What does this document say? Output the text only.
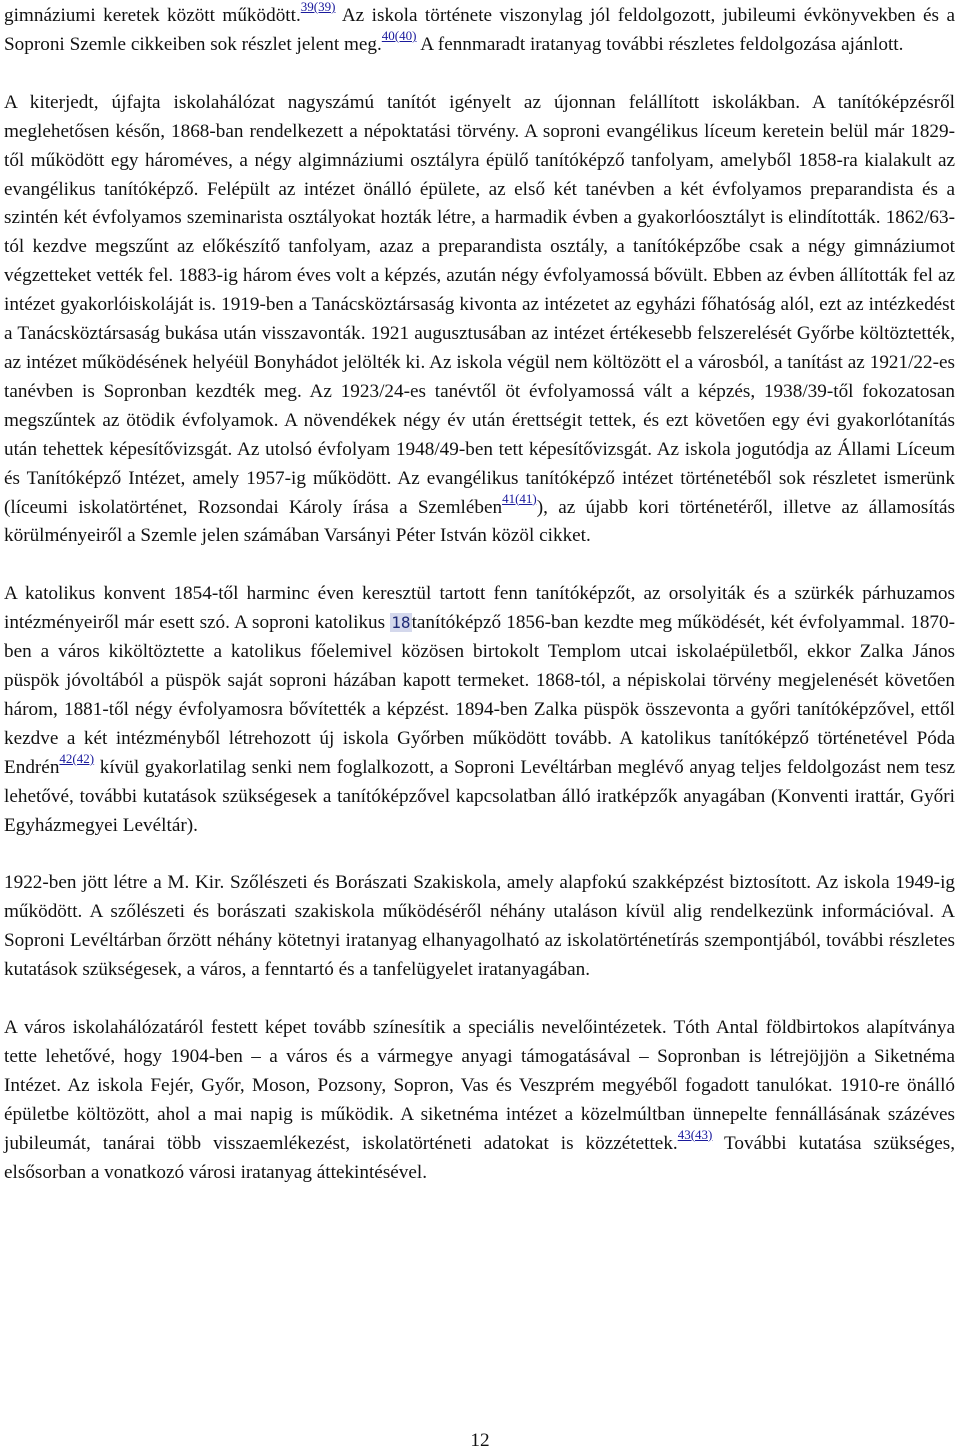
gimnáziumi keretek között működött.$^{39(39)}$ Az iskola története viszonylag jól feldolgozott, jubileumi évkönyvekben és a Soproni Szemle cikkeiben sok részlet jelent meg.$^{40(40)}$ A fennmaradt iratanyag további részletes feldolgozása ajánlott.

A kiterjedt, újfajta iskolahálózat nagyszámú tanítót igényelt az újonnan felállított iskolákban. A tanítóképzésről meglehetősen későn, 1868-ban rendelkezett a népoktatási törvény. A soproni evangélikus líceum keretein belül már 1829-től működött egy hároméves, a négy algimnáziumi osztályra épülő tanítóképző tanfolyam, amelyből 1858-ra kialakult az evangélikus tanítóképző. Felépült az intézet önálló épülete, az első két tanévben a két évfolyamos preparandista és a szintén két évfolyamos szeminarista osztályokat hozták létre, a harmadik évben a gyakorlóosztályt is elindították. 1862/63-tól kezdve megszűnt az előkészítő tanfolyam, azaz a preparandista osztály, a tanítóképzőbe csak a négy gimnáziumot végzetteket vették fel. 1883-ig három éves volt a képzés, azután négy évfolyamossá bővült. Ebben az évben állították fel az intézet gyakorlóiskoláját is. 1919-ben a Tanácsköztársaság kivonta az intézetet az egyházi főhatóság alól, ezt az intézkedést a Tanácsköztársaság bukása után visszavonták. 1921 augusztusában az intézet értékesebb felszerelését Győrbe költöztették, az intézet működésének helyéül Bonyhádot jelölték ki. Az iskola végül nem költözött el a városból, a tanítást az 1921/22-es tanévben is Sopronban kezdték meg. Az 1923/24-es tanévtől öt évfolyamossá vált a képzés, 1938/39-től fokozatosan megszűntek az ötödik évfolyamok. A növendékek négy év után érettségit tettek, és ezt követően egy évi gyakorlótanítás után tehettek képesítővizsgát. Az utolsó évfolyam 1948/49-ben tett képesítővizsgát. Az iskola jogutódja az Állami Líceum és Tanítóképző Intézet, amely 1957-ig működött. Az evangélikus tanítóképző intézet történetéből sok részletet ismerünk (líceumi iskolatörténet, Rozsondai Károly írása a Szemlében$^{41(41)}$), az újabb kori történetéről, illetve az államosítás körülményeiről a Szemle jelen számában Varsányi Péter István közöl cikket.

A katolikus konvent 1854-től harminc éven keresztül tartott fenn tanítóképzőt, az orsolyiták és a szürkék párhuzamos intézményeiről már esett szó. A soproni katolikus 18tanítóképző 1856-ban kezdte meg működését, két évfolyammal. 1870-ben a város kiköltöztette a katolikus főelemivel közösen birtokolt Templom utcai iskolaépületből, ekkor Zalka János püspök jóvoltából a püspök saját soproni házában kapott termeket. 1868-tól, a népiskolai törvény megjelenését követően három, 1881-től négy évfolyamosra bővítették a képzést. 1894-ben Zalka püspök összevonta a győri tanítóképzővel, ettől kezdve a két intézményből létrehozott új iskola Győrben működött tovább. A katolikus tanítóképző történetével Póda Endrén$^{42(42)}$ kívül gyakorlatilag senki nem foglalkozott, a Soproni Levéltárban meglévő anyag teljes feldolgozást nem tesz lehetővé, további kutatások szükségesek a tanítóképzővel kapcsolatban álló iratképzők anyagában (Konventi irattár, Győri Egyházmegyei Levéltár).

1922-ben jött létre a M. Kir. Szőlészeti és Borászati Szakiskola, amely alapfokú szakképzést biztosított. Az iskola 1949-ig működött. A szőlészeti és borászati szakiskola működéséről néhány utaláson kívül alig rendelkezünk információval. A Soproni Levéltárban őrzött néhány kötetnyi iratanyag elhanyagolható az iskolatörténetírás szempontjából, további részletes kutatások szükségesek, a város, a fenntartó és a tanfelügyelet iratanyagában.

A város iskolahálózatáról festett képet tovább színesítik a speciális nevelőintézetek. Tóth Antal földbirtokos alapítványa tette lehetővé, hogy 1904-ben – a város és a vármegye anyagi támogatásával – Sopronban is létrejöjjön a Siketnéma Intézet. Az iskola Fejér, Győr, Moson, Pozsony, Sopron, Vas és Veszprém megyéből fogadott tanulókat. 1910-re önálló épületbe költözött, ahol a mai napig is működik. A siketnéma intézet a közelmúltban ünnepelte fennállásának százéves jubileumát, tanárai több visszaemlékezést, iskolatörténeti adatokat is közzétettek.$^{43(43)}$ További kutatása szükséges, elsősorban a vonatkozó városi iratanyag áttekintésével.

12
